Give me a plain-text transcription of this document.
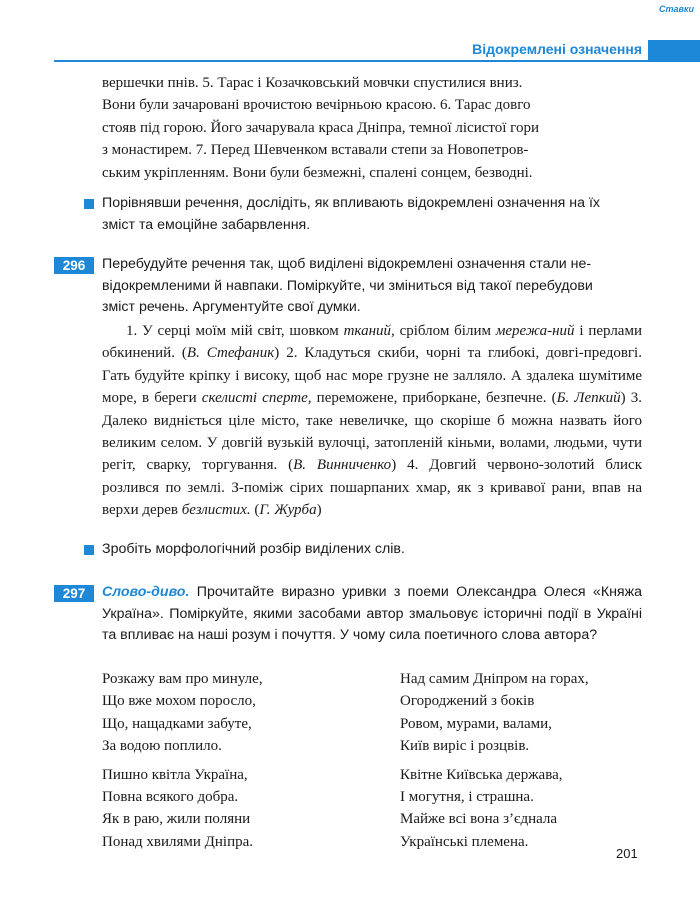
Ставки
Відокремлені означення
вершечки пнів. 5. Тарас і Козачковський мовчки спустилися вниз.
Вони були зачаровані врочистою вечірньою красою. 6. Тарас довго
стояв під горою. Його зачарувала краса Дніпра, темної лісистої гори
з монастирем. 7. Перед Шевченком вставали степи за Новопетров-
ським укріпленням. Вони були безмежні, спалені сонцем, безводні.
Порівнявши речення, дослідіть, як впливають відокремлені означення на їх
зміст та емоційне забарвлення.
296	Перебудуйте речення так, щоб виділені відокремлені означення стали не-
відокремленими й навпаки. Поміркуйте, чи зміниться від такої перебудови
зміст речень. Аргументуйте свої думки.
1. У серці моїм мій світ, шовком тканий, сріблом білим мережа-ний і перлами обкинений. (В. Стефаник) 2. Кладуться скиби, чорні та глибокі, довгі-предовгі. Гать будуйте кріпку і високу, щоб нас море грузне не залляло. А здалека шумітиме море, в береги скелисті сперте, переможене, приборкане, безпечне. (Б. Лепкий) 3. Далеко видніється ціле місто, таке невеличке, що скоріше б можна назвать його великим селом. У довгій вузькій вулочці, затопленій кіньми, волами, людьми, чути регіт, сварку, торгування. (В. Винниченко) 4. Довгий червоно-золотий блиск розлився по землі. З-поміж сірих пошарпаних хмар, як з кривавої рани, впав на верхи дерев безлистих. (Г. Журба)
Зробіть морфологічний розбір виділених слів.
297	Слово-диво. Прочитайте виразно уривки з поеми Олександра Олеся «Княжа Україна». Поміркуйте, якими засобами автор змальовує історичні події в Україні та впливає на наші розум і почуття. У чому сила поетичного слова автора?
Розкажу вам про минуле,
Що вже мохом поросло,
Що, нащадками забуте,
За водою поплило.
Пишно квітла Україна,
Повна всякого добра.
Як в раю, жили поляни
Понад хвилями Дніпра.
Над самим Дніпром на горах,
Огороджений з боків
Ровом, мурами, валами,
Київ виріс і розцвів.
Квітне Київська держава,
І могутня, і страшна.
Майже всі вона з’єднала
Українські племена.
201
